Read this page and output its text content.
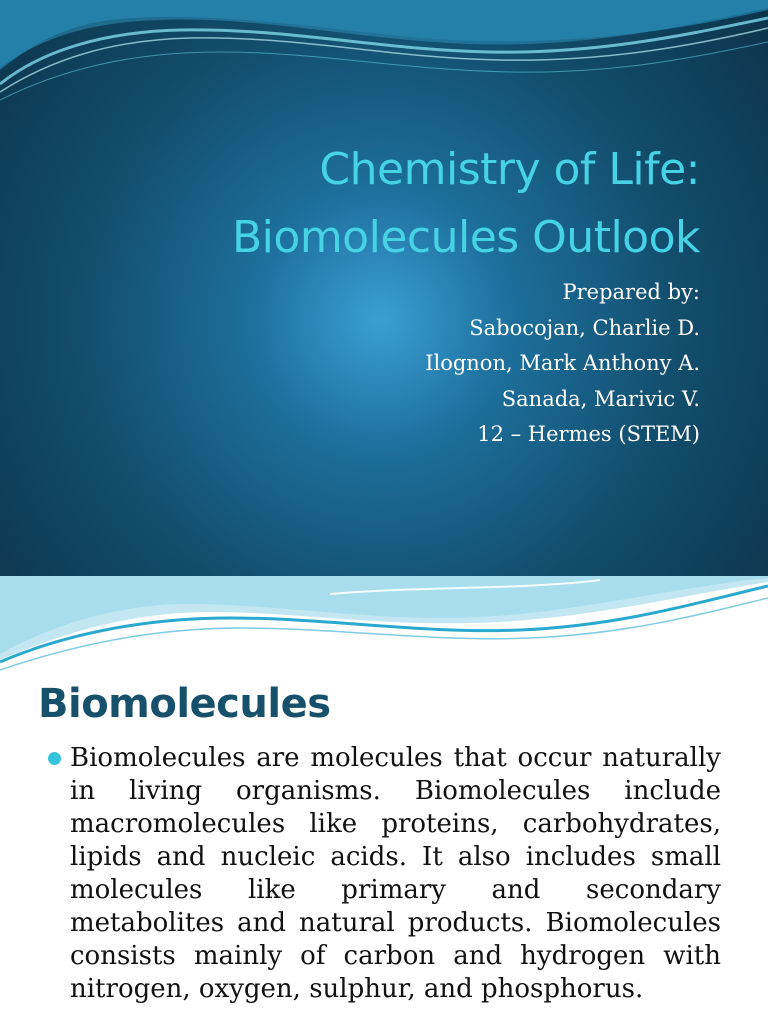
Chemistry of Life:
Biomolecules Outlook
Prepared by:
Sabocojan, Charlie D.
Ilognon, Mark Anthony A.
Sanada, Marivic V.
12 – Hermes (STEM)
Biomolecules

Biomolecules are molecules that occur naturally in living organisms. Biomolecules include macromolecules like proteins, carbohydrates, lipids and nucleic acids. It also includes small molecules like primary and secondary metabolites and natural products. Biomolecules consists mainly of carbon and hydrogen with nitrogen, oxygen, sulphur, and phosphorus.
